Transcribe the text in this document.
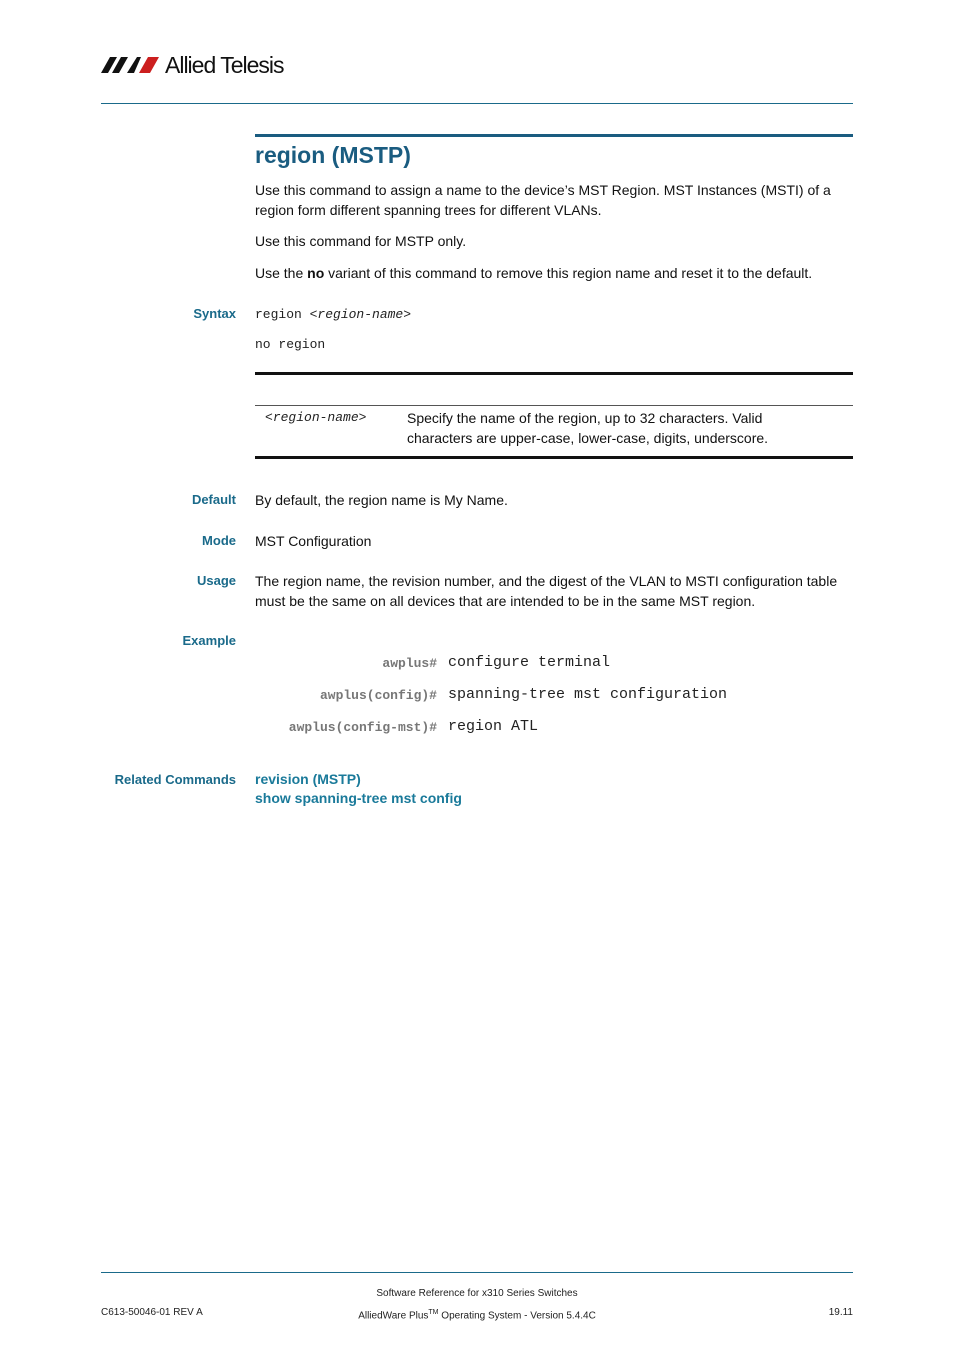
Allied Telesis
region (MSTP)
Use this command to assign a name to the device’s MST Region. MST Instances (MSTI) of a region form different spanning trees for different VLANs.
Use this command for MSTP only.
Use the no variant of this command to remove this region name and reset it to the default.
Syntax region <region-name>
no region
<region-name>	Specify the name of the region, up to 32 characters. Valid characters are upper-case, lower-case, digits, underscore.
Default By default, the region name is My Name.
Mode MST Configuration
Usage The region name, the revision number, and the digest of the VLAN to MSTI configuration table must be the same on all devices that are intended to be in the same MST region.
Example
awplus# configure terminal
awplus(config)# spanning-tree mst configuration
awplus(config-mst)# region ATL
Related Commands revision (MSTP)
show spanning-tree mst config
C613-50046-01 REV A
Software Reference for x310 Series Switches
AlliedWare Plus™ Operating System - Version 5.4.4C	19.11
